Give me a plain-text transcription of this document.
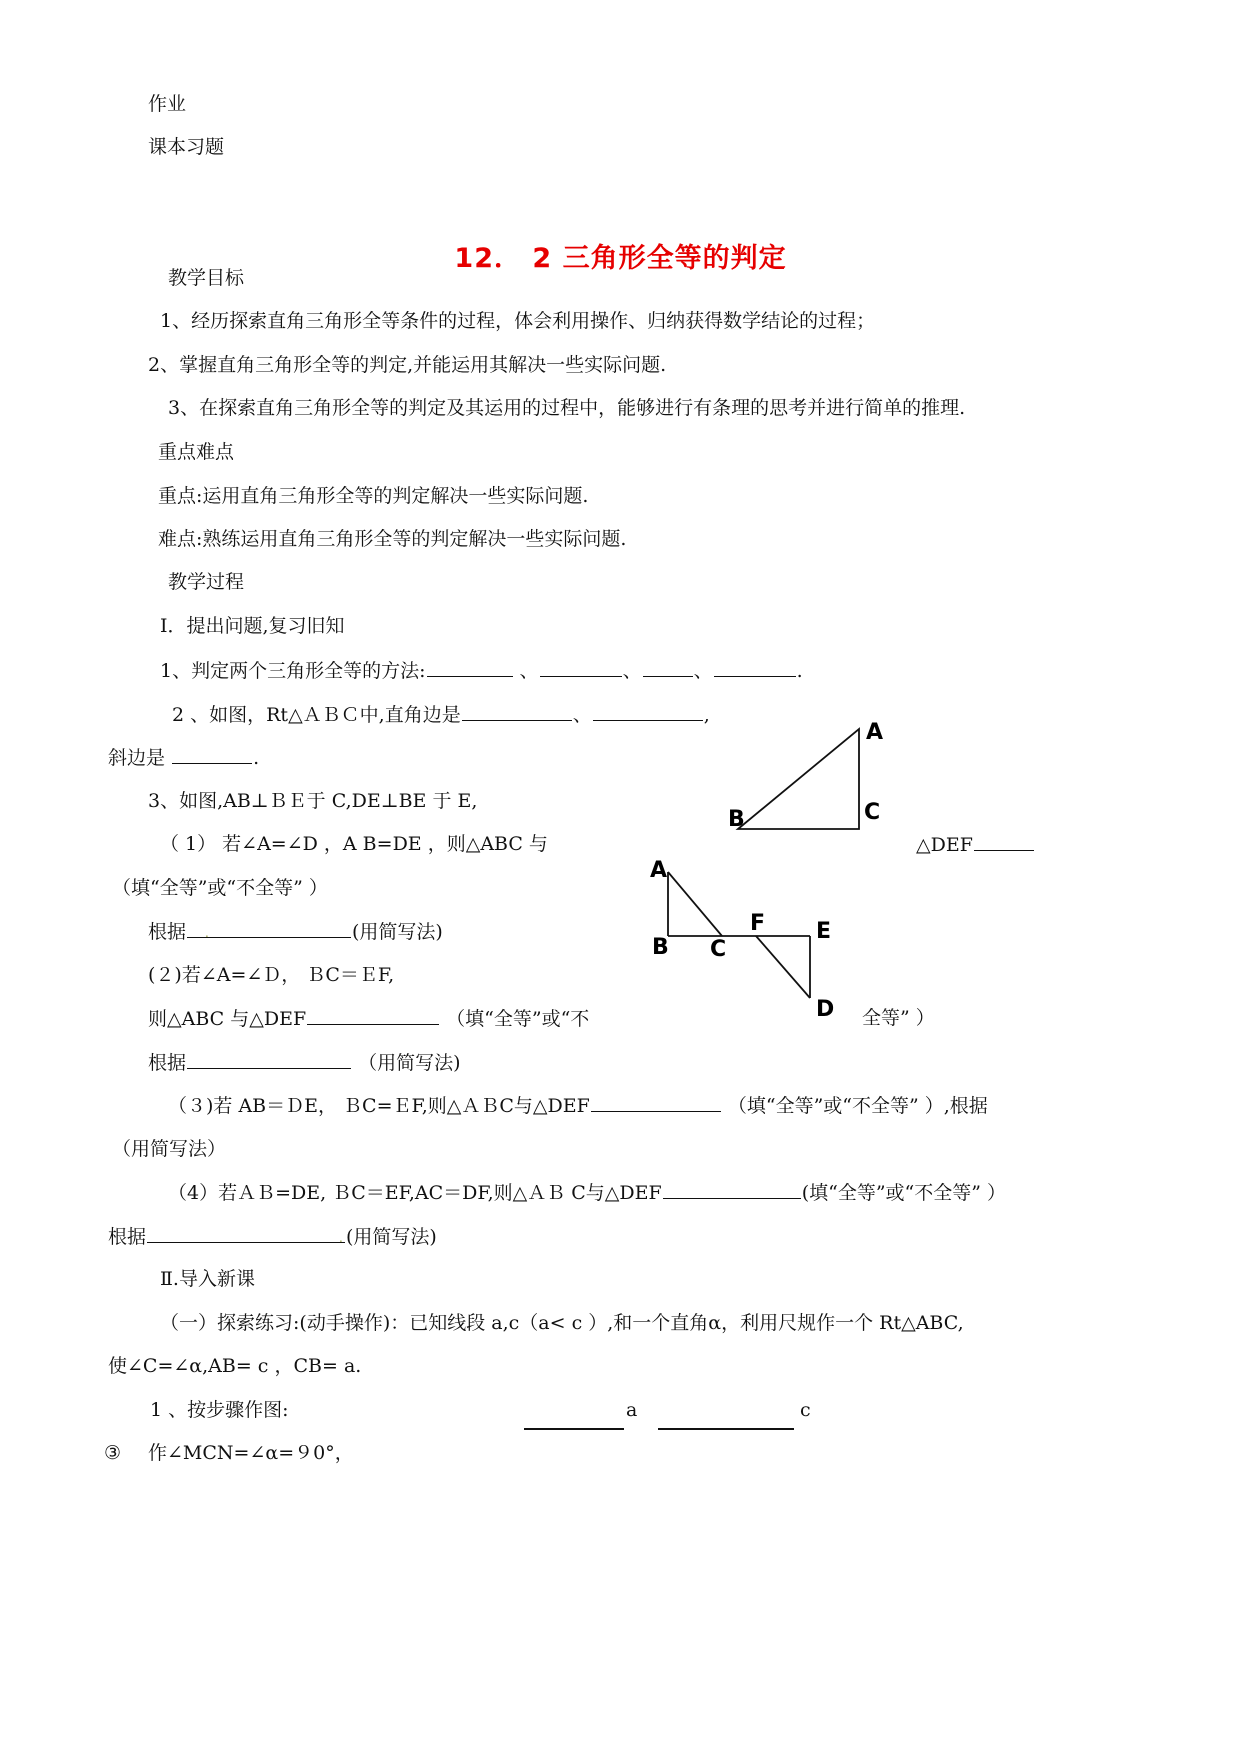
作业
课本习题
12． 2 三角形全等的判定
教学目标
1、经历探索直角三角形全等条件的过程，体会利用操作、归纳获得数学结论的过程；
2、掌握直角三角形全等的判定,并能运用其解决一些实际问题.
3、在探索直角三角形全等的判定及其运用的过程中，能够进行有条理的思考并进行简单的推理.
重点难点
重点:运用直角三角形全等的判定解决一些实际问题.
难点:熟练运用直角三角形全等的判定解决一些实际问题.
教学过程
Ⅰ．提出问题,复习旧知
1、判定两个三角形全等的方法:	、	、	、	.
2 、如图，Rt△ＡＢＣ中,直角边是	、	,
斜边是	.
3、如图,AB⊥ＢＥ于 C,DE⊥BE 于 E,
（ 1） 若∠A=∠D ，A B=DE ，则△ABC 与	△DEF
（填“全等”或“不全等” ）
根据 .	(用简写法)
(２)若∠A=∠Ｄ， ＢC＝ＥF,
则△ABC 与△DEF	（填“全等”或“不	全等” ）
根据	（用简写法)
（３)若 AB＝ＤE， ＢC=ＥF,则△ＡＢC与△DEF	（填“全等”或“不全等” ）,根据
（用简写法）
（4）若ＡＢ=DE, ＢC＝EF,AC＝DF,则△ＡＢ C与△DEF	(填“全等”或“不全等” ）
根据	. (用简写法)
Ⅱ.导入新课
（一）探索练习:(动手操作)：已知线段 a,c（a< c ）,和一个直角α，利用尺规作一个 Rt△ABC,
使∠C=∠α,AB= c ，CB= a.
1 、按步骤作图:	a	c
③ 作∠MCN=∠α=９0°，
A
B	C
A
B C
F E
D
